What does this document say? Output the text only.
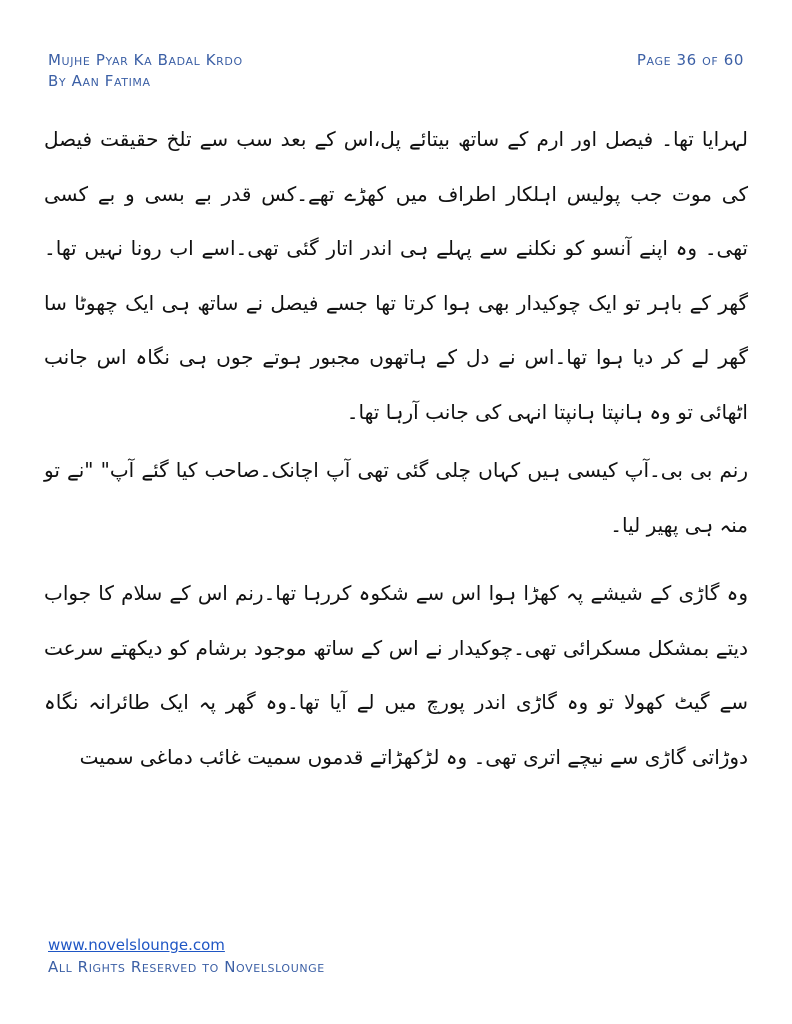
Mujhe Pyar Ka Badal Krdo
By Aan Fatima
Page 36 of 60

لہرایا تھا۔ فیصل اور ارم کے ساتھ بیتائے پل،اس کے بعد سب سے تلخ حقیقت فیصل کی موت جب پولیس اہلکار اطراف میں کھڑے تھے۔کس قدر بے بسی و بے کسی تھی۔ وہ اپنے آنسو کو نکلنے سے پہلے ہی اندر اتار گئی تھی۔اسے اب رونا نہیں تھا۔گھر کے باہر تو ایک چوکیدار بھی ہوا کرتا تھا جسے فیصل نے ساتھ ہی ایک چھوٹا سا گھر لے کر دیا ہوا تھا۔اس نے دل کے ہاتھوں مجبور ہوتے جوں ہی نگاہ اس جانب اٹھائی تو وہ ہانپتا ہانپتا انہی کی جانب آرہا تھا۔

رنم بی بی۔آپ کیسی ہیں کہاں چلی گئی تھی آپ اچانک۔صاحب کیا گئے آپ" "نے تو منہ ہی پھیر لیا۔

وہ گاڑی کے شیشے پہ کھڑا ہوا اس سے شکوہ کررہا تھا۔رنم اس کے سلام کا جواب دیتے بمشکل مسکرائی تھی۔چوکیدار نے اس کے ساتھ موجود برشام کو دیکھتے سرعت سے گیٹ کھولا تو وہ گاڑی اندر پورچ میں لے آیا تھا۔وہ گھر پہ ایک طائرانہ نگاہ دوڑاتی گاڑی سے نیچے اتری تھی۔ وہ لڑکھڑاتے قدموں سمیت غائب دماغی سمیت

www.novelslounge.com
All Rights Reserved to Novelslounge
